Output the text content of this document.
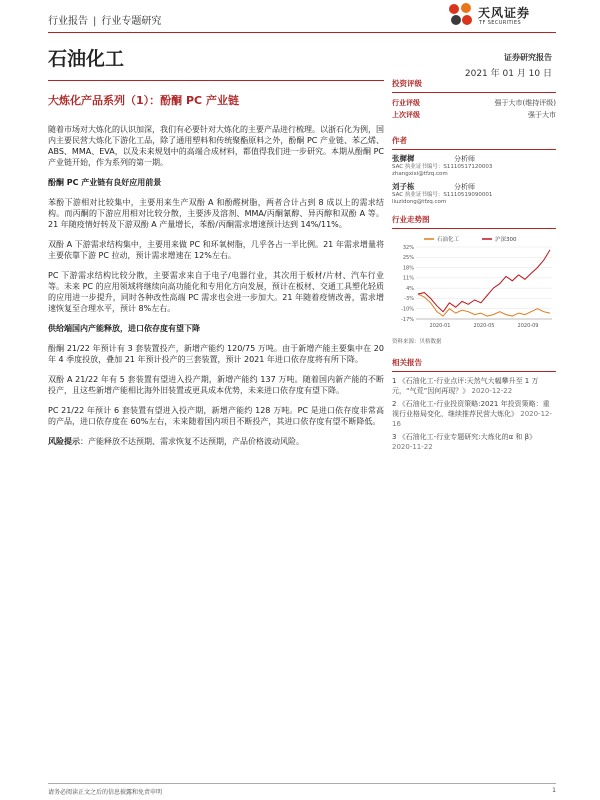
行业报告 | 行业专题研究
天风证券
TF SECURITIES
石油化工	证券研究报告
2021 年 01 月 10 日
大炼化产品系列（1）：酚酮 PC 产业链

随着市场对大炼化的认识加深，我们有必要针对大炼化的主要产品进行梳理。以浙石化为例，国内主要民营大炼化下游化工品，除了通用塑料和传统聚酯原料之外，酚酮 PC 产业链、苯乙烯、ABS、MMA、EVA，以及未来规划中的高端合成材料，都值得我们进一步研究。本期从酚酮 PC 产业链开始，作为系列的第一期。

酚酮 PC 产业链有良好应用前景

苯酚下游相对比较集中，主要用来生产双酚 A 和酚醛树脂，两者合计占到 8 成以上的需求结构。而丙酮的下游应用相对比较分散，主要涉及溶剂、MMA/丙酮氰醇、异丙醇和双酚 A 等。21 年随疫情好转及下游双酚 A 产量增长，苯酚/丙酮需求增速预计达到 14%/11%。

双酚 A 下游需求结构集中，主要用来做 PC 和环氧树脂，几乎各占一半比例。21 年需求增量将主要依靠下游 PC 拉动，预计需求增速在 12%左右。

PC 下游需求结构比较分散，主要需求来自于电子/电器行业，其次用于板材/片材、汽车行业等。未来 PC 的应用领域将继续向高功能化和专用化方向发展，预计在板材、交通工具塑化轻质的应用进一步提升，同时各种改性高端 PC 需求也会进一步加大。21 年随着疫情改善，需求增速恢复至合理水平，预计 8%左右。

供给端国内产能释放，进口依存度有望下降

酚酮 21/22 年预计有 3 套装置投产，新增产能约 120/75 万吨。由于新增产能主要集中在 20 年 4 季度投放，叠加 21 年预计投产的三套装置，预计 2021 年进口依存度将有所下降。

双酚 A 21/22 年有 5 套装置有望进入投产期，新增产能约 137 万吨。随着国内新产能的不断投产，且这些新增产能相比海外旧装置或更具成本优势，未来进口依存度有望下降。

PC 21/22 年预计 6 套装置有望进入投产期，新增产能约 128 万吨。PC 是进口依存度非常高的产品，进口依存度在 60%左右，未来随着国内项目不断投产，其进口依存度有望不断降低。

风险提示：产能释放不达预期、需求恢复不达预期，产品价格波动风险。

投资评级
行业评级	强于大市(维持评级)
上次评级	强于大市
作者
张樨樨	分析师
SAC 执业证书编号：S1110517120003
zhangxixi@tfzq.com
刘子栋	分析师
SAC 执业证书编号：S1110519090001
liuzidong@tfzq.com
行业走势图
石油化工	沪深300
32%
25%
18%
11%
4%
-3%
-10%
-17%
2020-01	2020-05	2020-09
资料来源：贝格数据
相关报告
1 《石油化工-行业点评:天然气大幅攀升至 1 万元，“气荒”因何再现？》 2020-12-22
2 《石油化工-行业投资策略:2021 年投资策略：重视行业格局变化，继续推荐民营大炼化》 2020-12-16
3 《石油化工-行业专题研究:大炼化的α 和 β》 2020-11-22
请务必阅读正文之后的信息披露和免责申明	1
